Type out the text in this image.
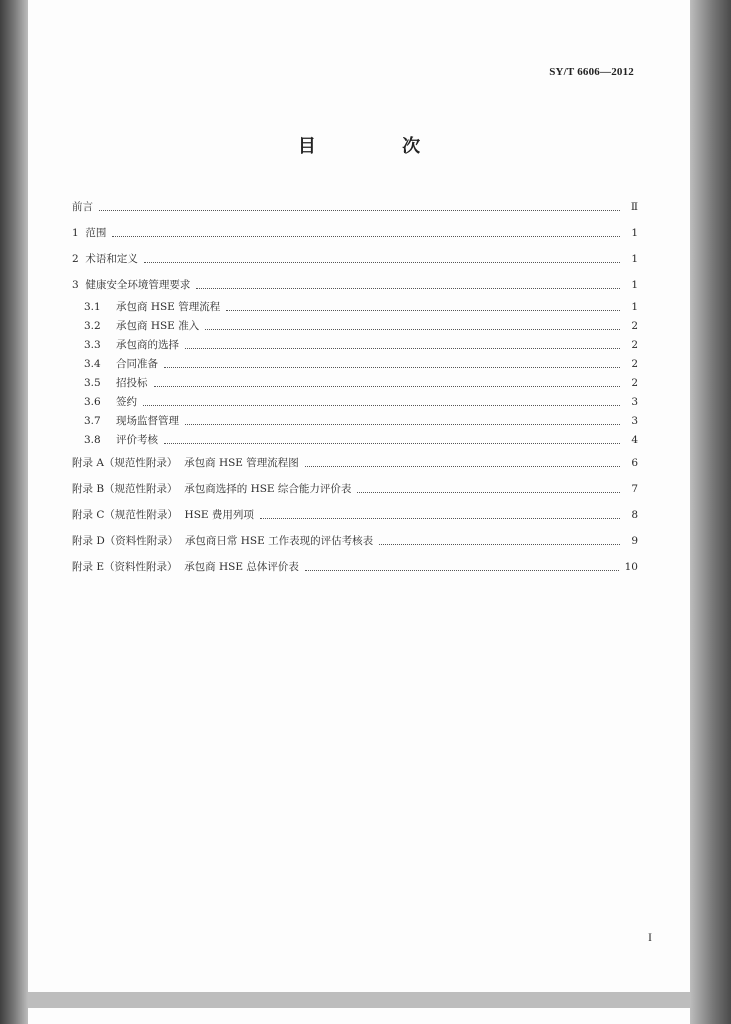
SY/T 6606—2012
目 次
前言	Ⅱ
1 范围	1
2 术语和定义	1
3 健康安全环境管理要求	1
3.1	承包商 HSE 管理流程	1
3.2	承包商 HSE 准入	2
3.3	承包商的选择	2
3.4	合同准备	2
3.5	招投标	2
3.6	签约	3
3.7	现场监督管理	3
3.8	评价考核	4
附录 A（规范性附录） 承包商 HSE 管理流程图	6
附录 B（规范性附录） 承包商选择的 HSE 综合能力评价表	7
附录 C（规范性附录） HSE 费用列项	8
附录 D（资料性附录） 承包商日常 HSE 工作表现的评估考核表	9
附录 E（资料性附录） 承包商 HSE 总体评价表	10
I
